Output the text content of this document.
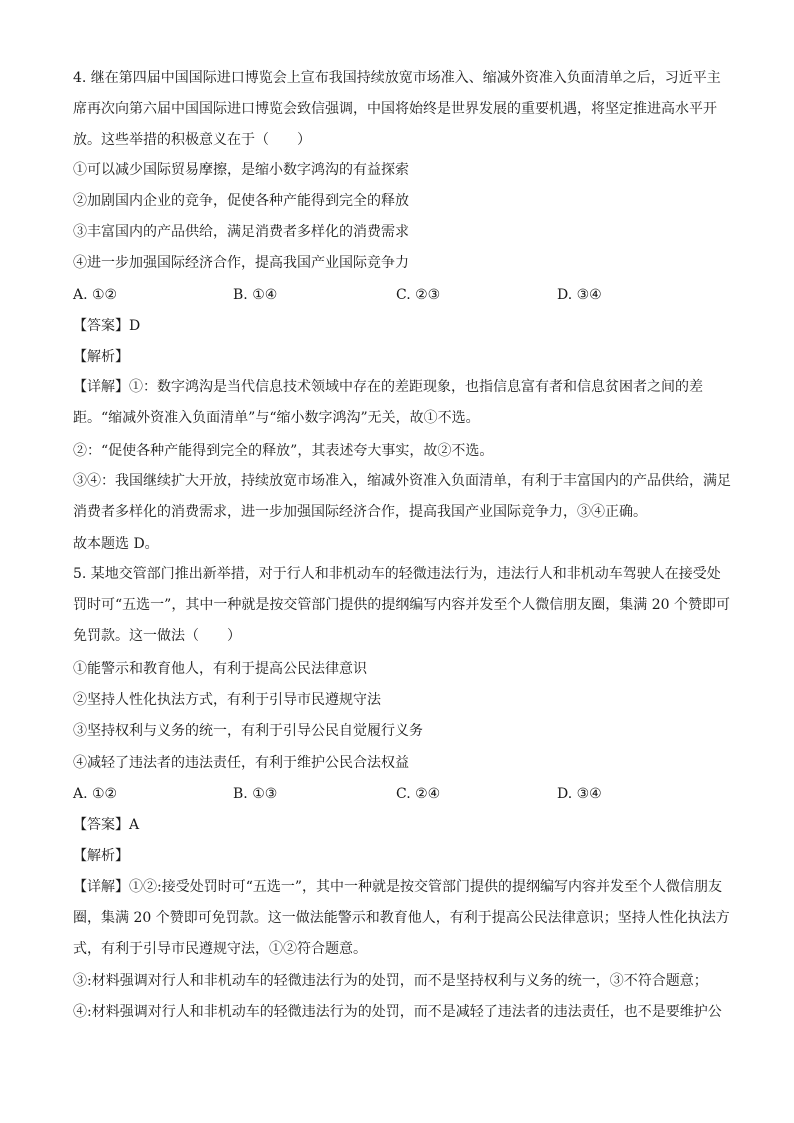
4. 继在第四届中国国际进口博览会上宣布我国持续放宽市场准入、缩减外资准入负面清单之后，习近平主席再次向第六届中国国际进口博览会致信强调，中国将始终是世界发展的重要机遇，将坚定推进高水平开放。这些举措的积极意义在于（　　）
①可以减少国际贸易摩擦，是缩小数字鸿沟的有益探索
②加剧国内企业的竞争，促使各种产能得到完全的释放
③丰富国内的产品供给，满足消费者多样化的消费需求
④进一步加强国际经济合作，提高我国产业国际竞争力
A. ①②	B. ①④	C. ②③	D. ③④
【答案】D
【解析】
【详解】①：数字鸿沟是当代信息技术领域中存在的差距现象，也指信息富有者和信息贫困者之间的差距。“缩减外资准入负面清单”与“缩小数字鸿沟”无关，故①不选。
②：“促使各种产能得到完全的释放”，其表述夸大事实，故②不选。
③④：我国继续扩大开放，持续放宽市场准入，缩减外资准入负面清单，有利于丰富国内的产品供给，满足消费者多样化的消费需求，进一步加强国际经济合作，提高我国产业国际竞争力，③④正确。
故本题选 D。
5. 某地交管部门推出新举措，对于行人和非机动车的轻微违法行为，违法行人和非机动车驾驶人在接受处罚时可“五选一”，其中一种就是按交管部门提供的提纲编写内容并发至个人微信朋友圈，集满 20 个赞即可免罚款。这一做法（　　）
①能警示和教育他人，有利于提高公民法律意识
②坚持人性化执法方式，有利于引导市民遵规守法
③坚持权利与义务的统一，有利于引导公民自觉履行义务
④减轻了违法者的违法责任，有利于维护公民合法权益
A. ①②	B. ①③	C. ②④	D. ③④
【答案】A
【解析】
【详解】①②:接受处罚时可“五选一”，其中一种就是按交管部门提供的提纲编写内容并发至个人微信朋友圈，集满 20 个赞即可免罚款。这一做法能警示和教育他人，有利于提高公民法律意识；坚持人性化执法方式，有利于引导市民遵规守法，①②符合题意。
③:材料强调对行人和非机动车的轻微违法行为的处罚，而不是坚持权利与义务的统一，③不符合题意；
④:材料强调对行人和非机动车的轻微违法行为的处罚，而不是减轻了违法者的违法责任，也不是要维护公
